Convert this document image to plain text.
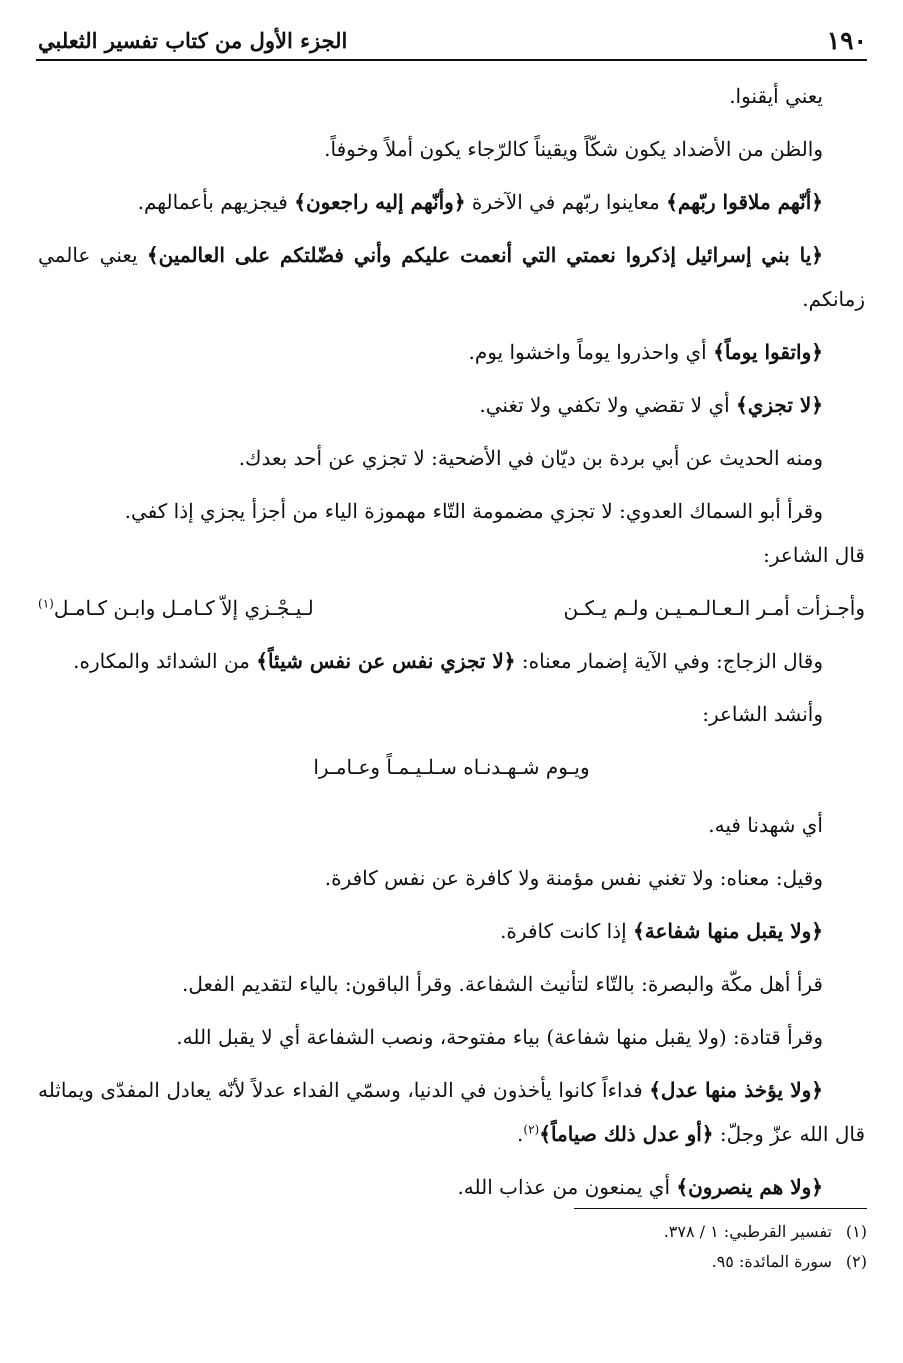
١٩٠
الجزء الأول من كتاب تفسير الثعلبي

يعني أيقنوا.

والظن من الأضداد يكون شكّاً ويقيناً كالرّجاء يكون أملاً وخوفاً.

﴿أنّهم ملاقوا ربّهم﴾ معاينوا ربّهم في الآخرة ﴿وأنّهم إليه راجعون﴾ فيجزيهم بأعمالهم.

﴿يا بني إسرائيل إذكروا نعمتي التي أنعمت عليكم وأني فضّلتكم على العالمين﴾ يعني عالمي زمانكم.

﴿واتقوا يوماً﴾ أي واحذروا يوماً واخشوا يوم.

﴿لا تجزي﴾ أي لا تقضي ولا تكفي ولا تغني.

ومنه الحديث عن أبي بردة بن ديّان في الأضحية: لا تجزي عن أحد بعدك.

وقرأ أبو السماك العدوي: لا تجزي مضمومة التّاء مهموزة الياء من أجزأ يجزي إذا كفي.

قال الشاعر:

وأجـزأت أمـر الـعـالـمـيـن ولـم يـكـن
لـيـجْـزي إلاّ كـامـل وابـن كـامـل$^{(١)}$

وقال الزجاج: وفي الآية إضمار معناه: ﴿لا تجزي نفس عن نفس شيئاً﴾ من الشدائد والمكاره.

وأنشد الشاعر:

ويـوم شـهـدنـاه سـلـيـمـاً وعـامـرا

أي شهدنا فيه.

وقيل: معناه: ولا تغني نفس مؤمنة ولا كافرة عن نفس كافرة.

﴿ولا يقبل منها شفاعة﴾ إذا كانت كافرة.

قرأ أهل مكّة والبصرة: بالتّاء لتأنيث الشفاعة. وقرأ الباقون: بالياء لتقديم الفعل.

وقرأ قتادة: (ولا يقبل منها شفاعة) بياء مفتوحة، ونصب الشفاعة أي لا يقبل الله.

﴿ولا يؤخذ منها عدل﴾ فداءاً كانوا يأخذون في الدنيا، وسمّي الفداء عدلاً لأنّه يعادل المفدّى ويماثله قال الله عزّ وجلّ: ﴿أو عدل ذلك صياماً﴾$^{(٢)}$.

﴿ولا هم ينصرون﴾ أي يمنعون من عذاب الله.

(١)
تفسير القرطبي: ١ / ٣٧٨.
(٢)
سورة المائدة: ٩٥.
